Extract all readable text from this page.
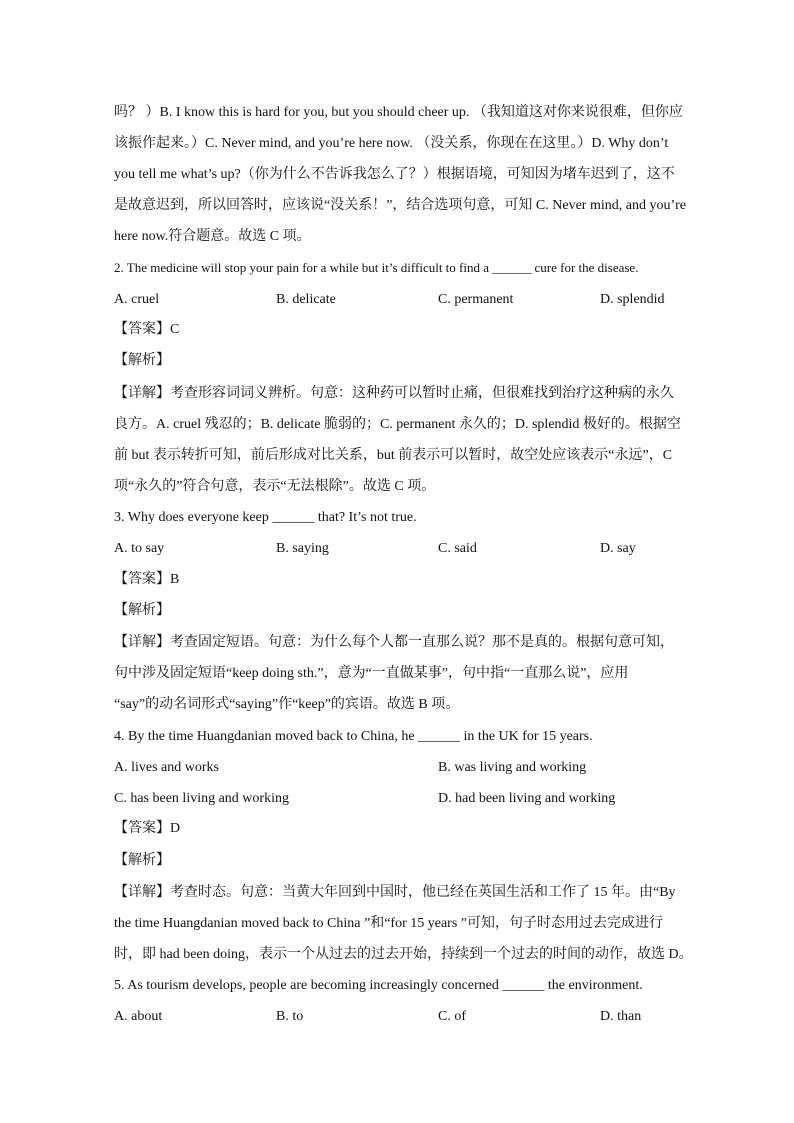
吗？ ）B. I know this is hard for you, but you should cheer up. （我知道这对你来说很难，但你应
该振作起来。）C. Never mind, and you’re here now. （没关系，你现在在这里。）D. Why don’t
you tell me what’s up?（你为什么不告诉我怎么了？）根据语境，可知因为堵车迟到了，这不
是故意迟到，所以回答时，应该说“没关系！”，结合选项句意，可知 C. Never mind, and you’re
here now.符合题意。故选 C 项。
2. The medicine will stop your pain for a while but it’s difficult to find a ______ cure for the disease.
A. cruel	B. delicate	C. permanent	D. splendid
【答案】C
【解析】
【详解】考查形容词词义辨析。句意：这种药可以暂时止痛，但很难找到治疗这种病的永久
良方。A. cruel 残忍的；B. delicate 脆弱的；C. permanent 永久的；D. splendid 极好的。根据空
前 but 表示转折可知，前后形成对比关系，but 前表示可以暂时，故空处应该表示“永远”，C
项“永久的”符合句意，表示“无法根除”。故选 C 项。
3. Why does everyone keep ______ that? It’s not true.
A. to say	B. saying	C. said	D. say
【答案】B
【解析】
【详解】考查固定短语。句意：为什么每个人都一直那么说？那不是真的。根据句意可知，
句中涉及固定短语“keep doing sth.”，意为“一直做某事”，句中指“一直那么说”，应用
“say”的动名词形式“saying”作“keep”的宾语。故选 B 项。
4. By the time Huangdanian moved back to China, he ______ in the UK for 15 years.
A. lives and works	B. was living and working
C. has been living and working	D. had been living and working
【答案】D
【解析】
【详解】考查时态。句意：当黄大年回到中国时，他已经在英国生活和工作了 15 年。由“By
the time Huangdanian moved back to China ”和“for 15 years ”可知，句子时态用过去完成进行
时，即 had been doing，表示一个从过去的过去开始，持续到一个过去的时间的动作，故选 D。
5. As tourism develops, people are becoming increasingly concerned ______ the environment.
A. about	B. to	C. of	D. than
